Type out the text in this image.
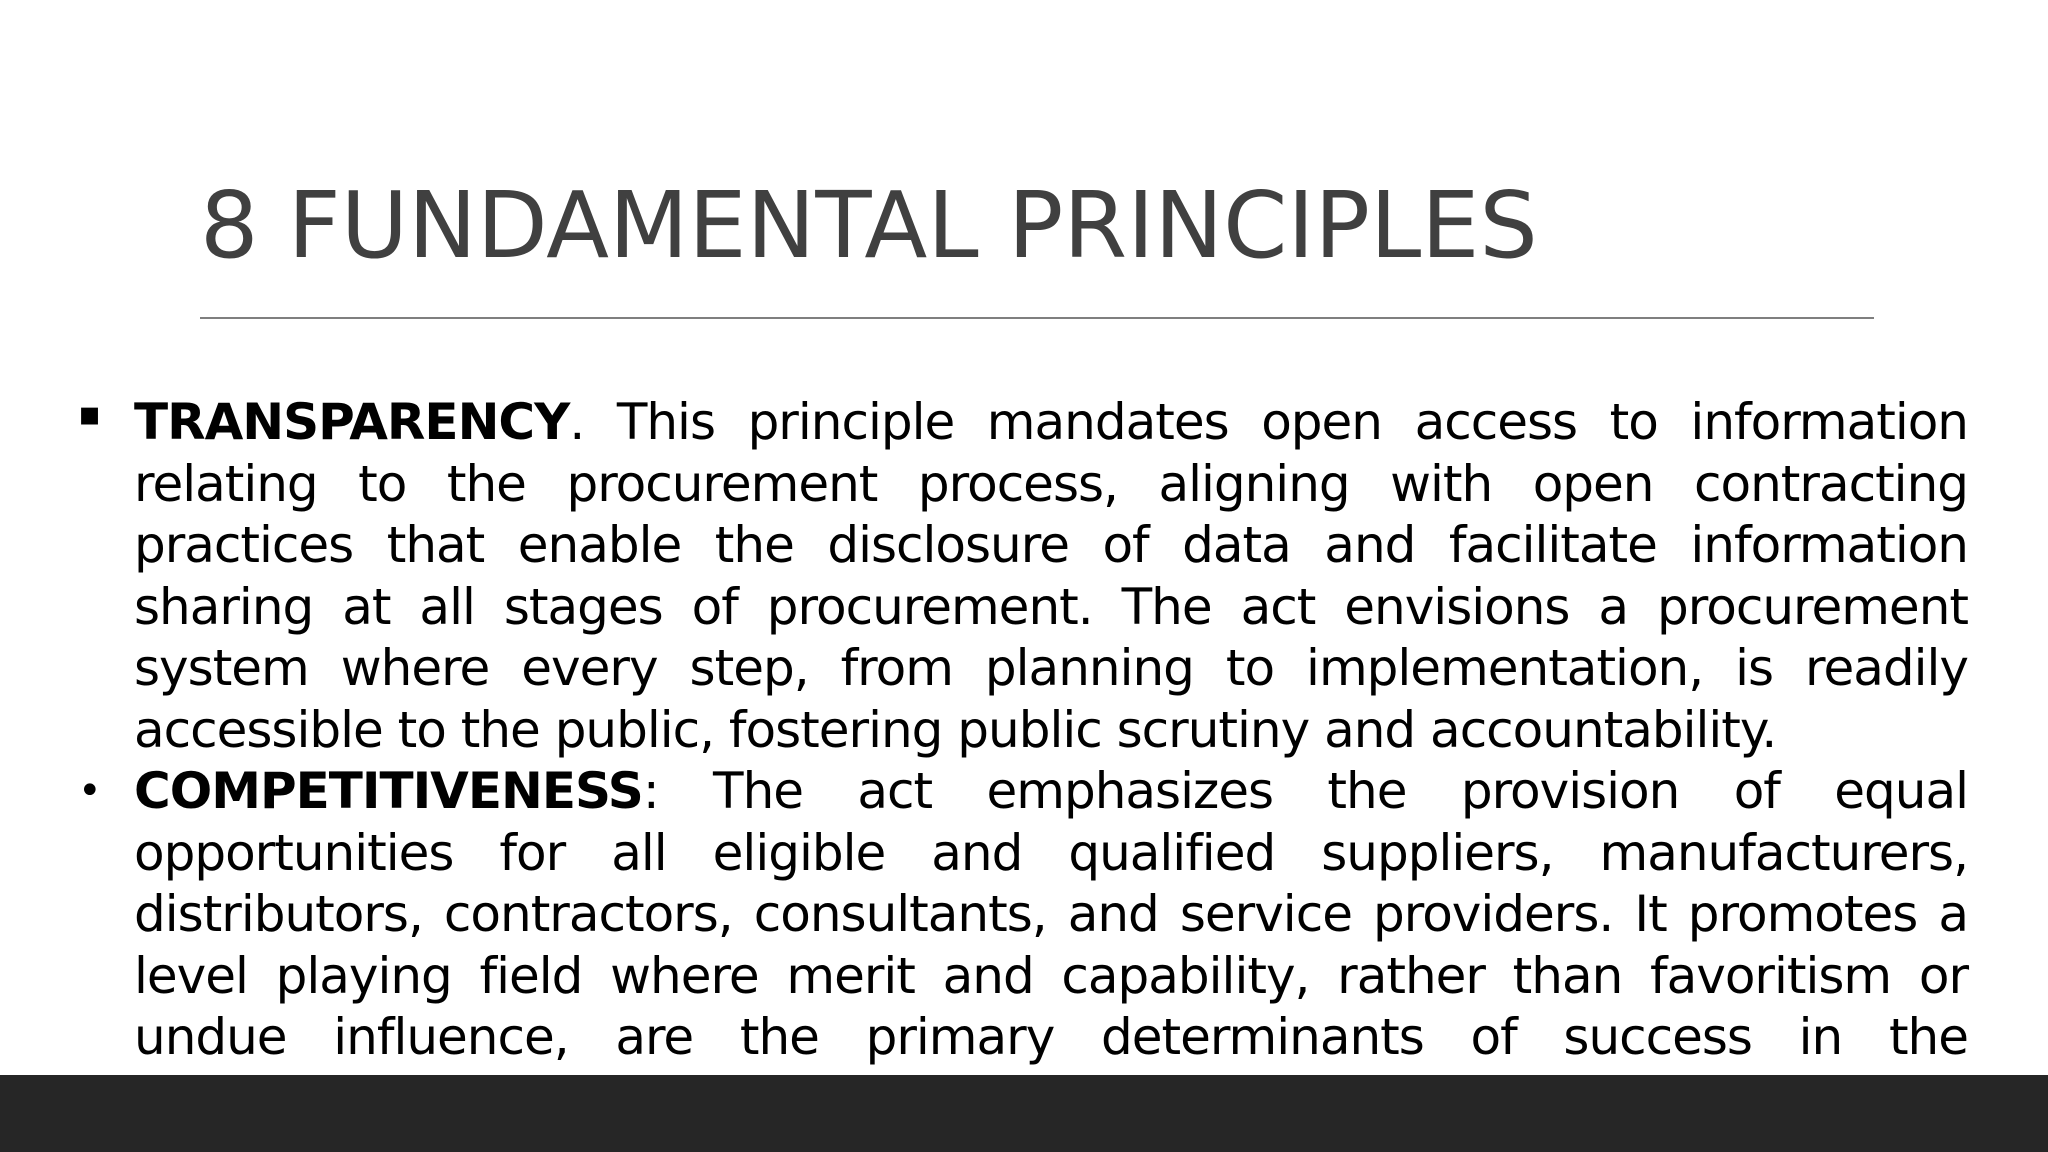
8 FUNDAMENTAL PRINCIPLES
▪ TRANSPARENCY. This principle mandates open access to information relating to the procurement process, aligning with open contracting practices that enable the disclosure of data and facilitate information sharing at all stages of procurement. The act envisions a procurement system where every step, from planning to implementation, is readily accessible to the public, fostering public scrutiny and accountability.
• COMPETITIVENESS: The act emphasizes the provision of equal opportunities for all eligible and qualified suppliers, manufacturers, distributors, contractors, consultants, and service providers. It promotes a level playing field where merit and capability, rather than favoritism or undue influence, are the primary determinants of success in the
